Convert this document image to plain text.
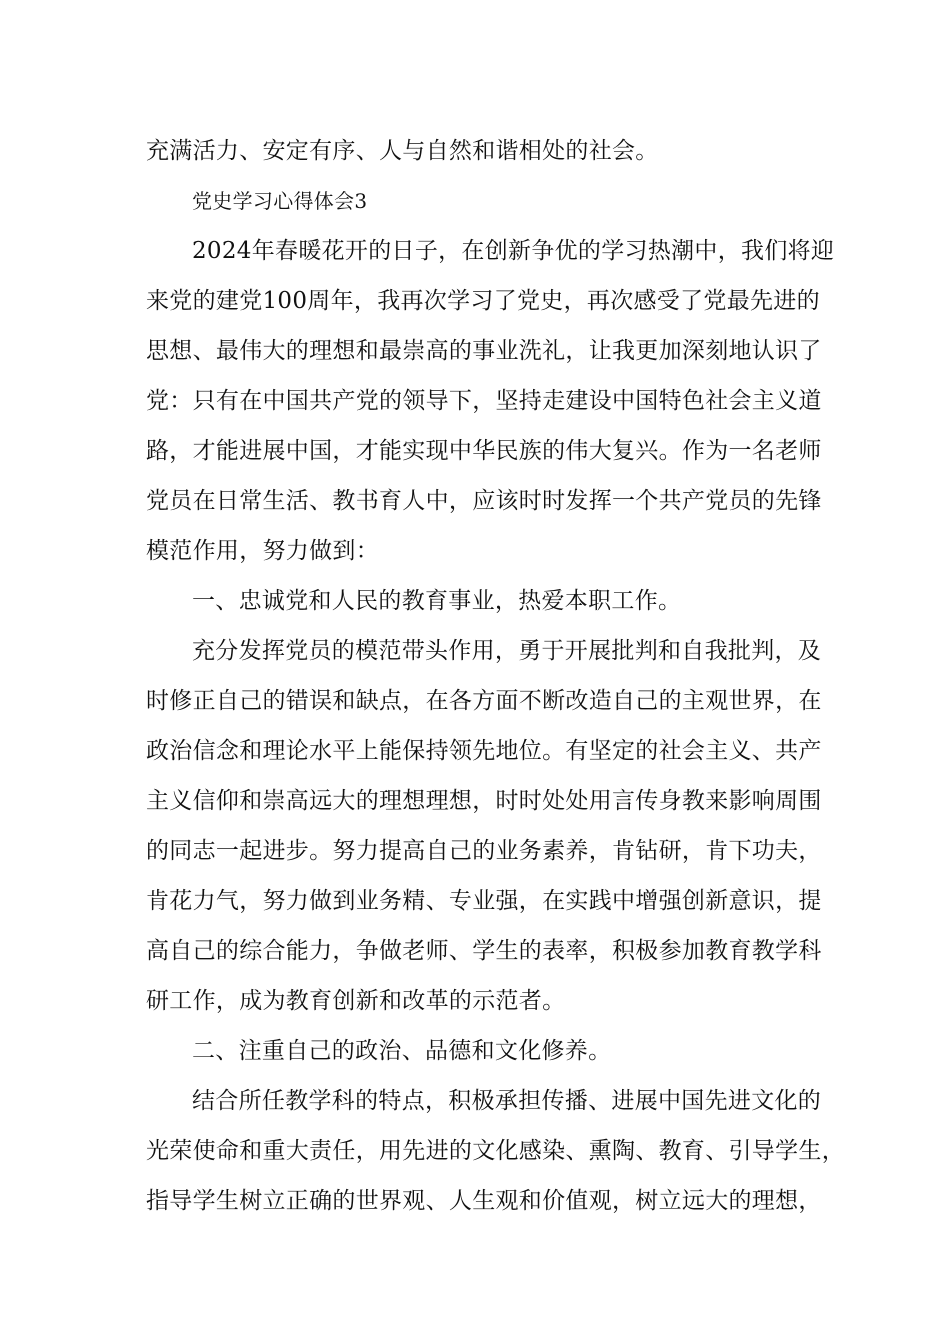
充满活力、安定有序、人与自然和谐相处的社会。
党史学习心得体会3
2024年春暖花开的日子，在创新争优的学习热潮中，我们将迎
来党的建党100周年，我再次学习了党史，再次感受了党最先进的
思想、最伟大的理想和最崇高的事业洗礼，让我更加深刻地认识了
党：只有在中国共产党的领导下，坚持走建设中国特色社会主义道
路，才能进展中国，才能实现中华民族的伟大复兴。作为一名老师
党员在日常生活、教书育人中，应该时时发挥一个共产党员的先锋
模范作用，努力做到：
一、忠诚党和人民的教育事业，热爱本职工作。
充分发挥党员的模范带头作用，勇于开展批判和自我批判，及
时修正自己的错误和缺点，在各方面不断改造自己的主观世界，在
政治信念和理论水平上能保持领先地位。有坚定的社会主义、共产
主义信仰和崇高远大的理想理想，时时处处用言传身教来影响周围
的同志一起进步。努力提高自己的业务素养，肯钻研，肯下功夫，
肯花力气，努力做到业务精、专业强，在实践中增强创新意识，提
高自己的综合能力，争做老师、学生的表率，积极参加教育教学科
研工作，成为教育创新和改革的示范者。
二、注重自己的政治、品德和文化修养。
结合所任教学科的特点，积极承担传播、进展中国先进文化的
光荣使命和重大责任，用先进的文化感染、熏陶、教育、引导学生，
指导学生树立正确的世界观、人生观和价值观，树立远大的理想，
